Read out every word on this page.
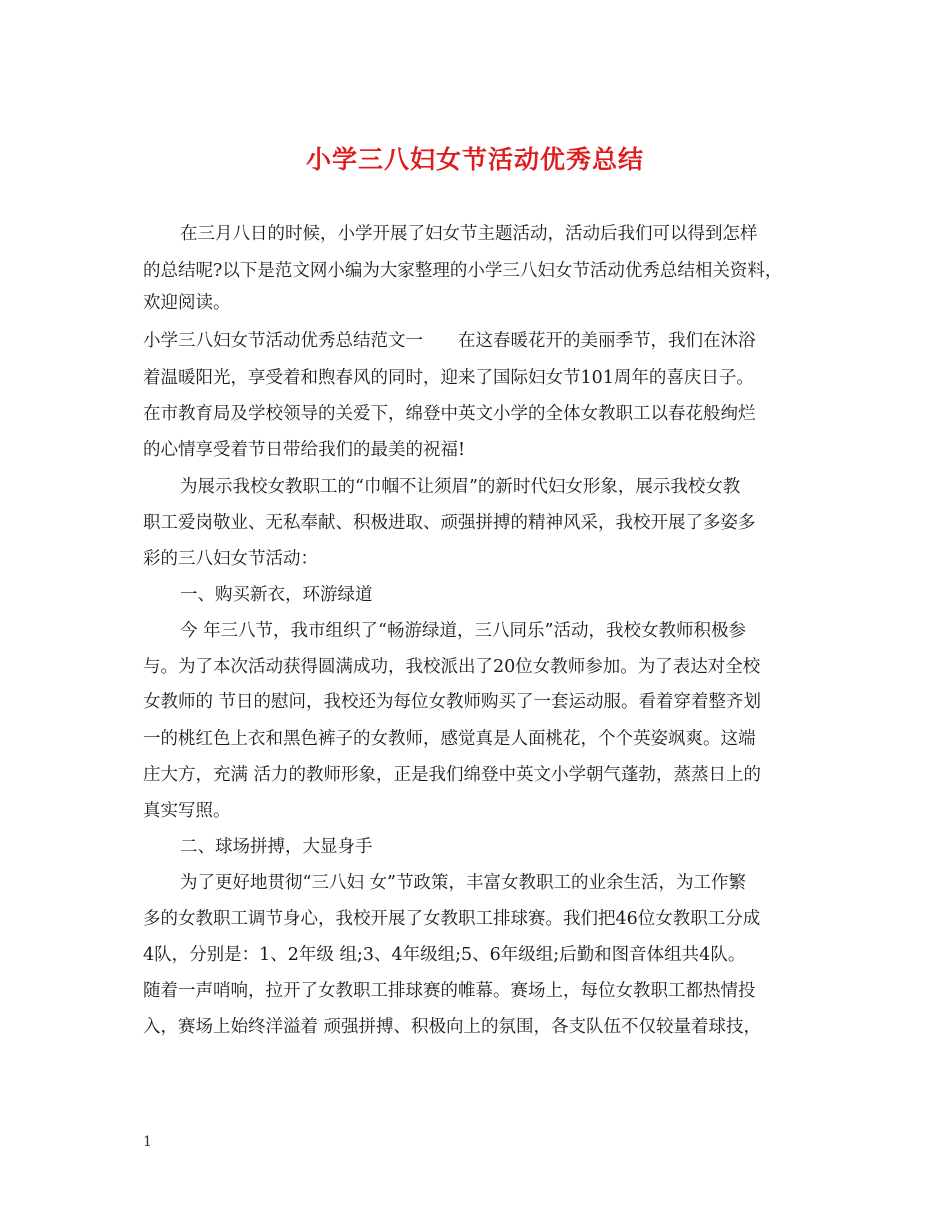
小学三八妇女节活动优秀总结
在三月八日的时候，小学开展了妇女节主题活动，活动后我们可以得到怎样
的总结呢?以下是范文网小编为大家整理的小学三八妇女节活动优秀总结相关资料，
欢迎阅读。
小学三八妇女节活动优秀总结范文一　　在这春暖花开的美丽季节，我们在沐浴
着温暖阳光，享受着和煦春风的同时，迎来了国际妇女节101周年的喜庆日子。
在市教育局及学校领导的关爱下，绵登中英文小学的全体女教职工以春花般绚烂
的心情享受着节日带给我们的最美的祝福!
为展示我校女教职工的“巾帼不让须眉”的新时代妇女形象，展示我校女教
职工爱岗敬业、无私奉献、积极进取、顽强拼搏的精神风采，我校开展了多姿多
彩的三八妇女节活动：
一、购买新衣，环游绿道
今 年三八节，我市组织了“畅游绿道，三八同乐”活动，我校女教师积极参
与。为了本次活动获得圆满成功，我校派出了20位女教师参加。为了表达对全校
女教师的 节日的慰问，我校还为每位女教师购买了一套运动服。看着穿着整齐划
一的桃红色上衣和黑色裤子的女教师，感觉真是人面桃花，个个英姿飒爽。这端
庄大方，充满 活力的教师形象，正是我们绵登中英文小学朝气蓬勃，蒸蒸日上的
真实写照。
二、球场拼搏，大显身手
为了更好地贯彻“三八妇 女”节政策，丰富女教职工的业余生活，为工作繁
多的女教职工调节身心，我校开展了女教职工排球赛。我们把46位女教职工分成
4队，分别是：1、2年级 组;3、4年级组;5、6年级组;后勤和图音体组共4队。
随着一声哨响，拉开了女教职工排球赛的帷幕。赛场上，每位女教职工都热情投
入，赛场上始终洋溢着 顽强拼搏、积极向上的氛围，各支队伍不仅较量着球技，
1
